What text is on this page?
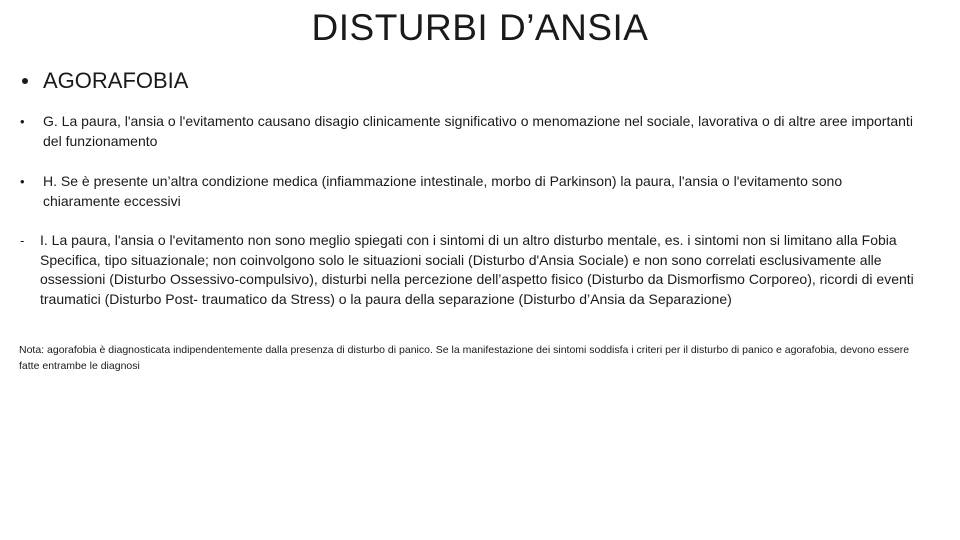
DISTURBI D’ANSIA
AGORAFOBIA
• G. La paura, l'ansia o l'evitamento causano disagio clinicamente significativo o menomazione nel sociale, lavorativa o di altre aree importanti del funzionamento
• H. Se è presente un’altra condizione medica (infiammazione intestinale, morbo di Parkinson) la paura, l'ansia o l'evitamento sono chiaramente eccessivi
- I. La paura, l'ansia o l'evitamento non sono meglio spiegati con i sintomi di un altro disturbo mentale, es. i sintomi non si limitano alla Fobia Specifica, tipo situazionale; non coinvolgono solo le situazioni sociali (Disturbo d'Ansia Sociale) e non sono correlati esclusivamente alle ossessioni (Disturbo Ossessivo-compulsivo), disturbi nella percezione dell’aspetto fisico (Disturbo da Dismorfismo Corporeo), ricordi di eventi traumatici (Disturbo Post- traumatico da Stress) o la paura della separazione (Disturbo d’Ansia da Separazione)
Nota: agorafobia è diagnosticata indipendentemente dalla presenza di disturbo di panico. Se la manifestazione dei sintomi soddisfa i criteri per il disturbo di panico e agorafobia, devono essere fatte entrambe le diagnosi
